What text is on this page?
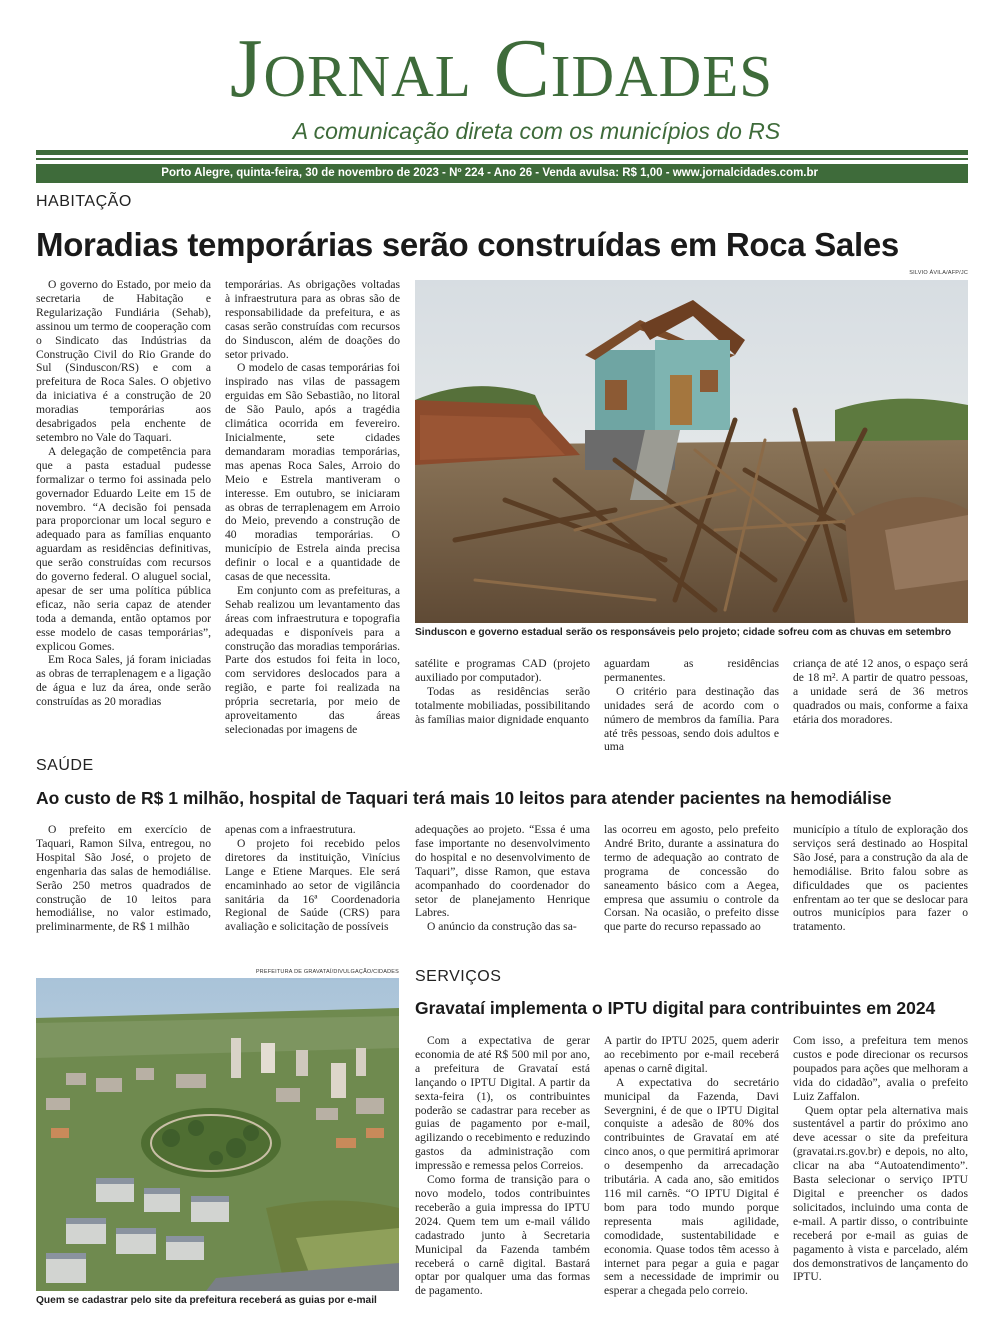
Jornal Cidades
A comunicação direta com os municípios do RS
Porto Alegre, quinta-feira, 30 de novembro de 2023 - Nº 224 - Ano 26 - Venda avulsa: R$ 1,00 - www.jornalcidades.com.br
HABITAÇÃO
Moradias temporárias serão construídas em Roca Sales

O governo do Estado, por meio da secretaria de Habitação e Regularização Fundiária (Sehab), assinou um termo de cooperação com o Sindicato das Indústrias da Construção Civil do Rio Grande do Sul (Sinduscon/RS) e com a prefeitura de Roca Sales. O objetivo da iniciativa é a construção de 20 moradias temporárias aos desabrigados pela enchente de setembro no Vale do Taquari.

A delegação de competência para que a pasta estadual pudesse formalizar o termo foi assinada pelo governador Eduardo Leite em 15 de novembro. “A decisão foi pensada para proporcionar um local seguro e adequado para as famílias enquanto aguardam as residências definitivas, que serão construídas com recursos do governo federal. O aluguel social, apesar de ser uma política pública eficaz, não seria capaz de atender toda a demanda, então optamos por esse modelo de casas temporárias”, explicou Gomes.

Em Roca Sales, já foram iniciadas as obras de terraplenagem e a ligação de água e luz da área, onde serão construídas as 20 moradias

temporárias. As obrigações voltadas à infraestrutura para as obras são de responsabilidade da prefeitura, e as casas serão construídas com recursos do Sinduscon, além de doações do setor privado.

O modelo de casas temporárias foi inspirado nas vilas de passagem erguidas em São Sebastião, no litoral de São Paulo, após a tragédia climática ocorrida em fevereiro. Inicialmente, sete cidades demandaram moradias temporárias, mas apenas Roca Sales, Arroio do Meio e Estrela mantiveram o interesse. Em outubro, se iniciaram as obras de terraplenagem em Arroio do Meio, prevendo a construção de 40 moradias temporárias. O município de Estrela ainda precisa definir o local e a quantidade de casas de que necessita.

Em conjunto com as prefeituras, a Sehab realizou um levantamento das áreas com infraestrutura e topografia adequadas e disponíveis para a construção das moradias temporárias. Parte dos estudos foi feita in loco, com servidores deslocados para a região, e parte foi realizada na própria secretaria, por meio de aproveitamento das áreas selecionadas por imagens de

SILVIO ÁVILA/AFP/JC
Sinduscon e governo estadual serão os responsáveis pelo projeto; cidade sofreu com as chuvas em setembro

satélite e programas CAD (projeto auxiliado por computador).

Todas as residências serão totalmente mobiliadas, possibilitando às famílias maior dignidade enquanto

aguardam as residências permanentes.

O critério para destinação das unidades será de acordo com o número de membros da família. Para até três pessoas, sendo dois adultos e uma

criança de até 12 anos, o espaço será de 18 m². A partir de quatro pessoas, a unidade será de 36 metros quadrados ou mais, conforme a faixa etária dos moradores.

SAÚDE
Ao custo de R$ 1 milhão, hospital de Taquari terá mais 10 leitos para atender pacientes na hemodiálise

O prefeito em exercício de Taquari, Ramon Silva, entregou, no Hospital São José, o projeto de engenharia das salas de hemodiálise. Serão 250 metros quadrados de construção de 10 leitos para hemodiálise, no valor estimado, preliminarmente, de R$ 1 milhão

apenas com a infraestrutura.

O projeto foi recebido pelos diretores da instituição, Vinícius Lange e Etiene Marques. Ele será encaminhado ao setor de vigilância sanitária da 16ª Coordenadoria Regional de Saúde (CRS) para avaliação e solicitação de possíveis

adequações ao projeto. “Essa é uma fase importante no desenvolvimento do hospital e no desenvolvimento de Taquari”, disse Ramon, que estava acompanhado do coordenador do setor de planejamento Henrique Labres.

O anúncio da construção das sa-

las ocorreu em agosto, pelo prefeito André Brito, durante a assinatura do termo de adequação ao contrato de programa de concessão do saneamento básico com a Aegea, empresa que assumiu o controle da Corsan. Na ocasião, o prefeito disse que parte do recurso repassado ao

município a título de exploração dos serviços será destinado ao Hospital São José, para a construção da ala de hemodiálise. Brito falou sobre as dificuldades que os pacientes enfrentam ao ter que se deslocar para outros municípios para fazer o tratamento.

PREFEITURA DE GRAVATAÍ/DIVULGAÇÃO/CIDADES
Quem se cadastrar pelo site da prefeitura receberá as guias por e-mail
SERVIÇOS
Gravataí implementa o IPTU digital para contribuintes em 2024

Com a expectativa de gerar economia de até R$ 500 mil por ano, a prefeitura de Gravataí está lançando o IPTU Digital. A partir da sexta-feira (1), os contribuintes poderão se cadastrar para receber as guias de pagamento por e-mail, agilizando o recebimento e reduzindo gastos da administração com impressão e remessa pelos Correios.

Como forma de transição para o novo modelo, todos contribuintes receberão a guia impressa do IPTU 2024. Quem tem um e-mail válido cadastrado junto à Secretaria Municipal da Fazenda também receberá o carnê digital. Bastará optar por qualquer uma das formas de pagamento.

A partir do IPTU 2025, quem aderir ao recebimento por e-mail receberá apenas o carnê digital.

A expectativa do secretário municipal da Fazenda, Davi Severgnini, é de que o IPTU Digital conquiste a adesão de 80% dos contribuintes de Gravataí em até cinco anos, o que permitirá aprimorar o desempenho da arrecadação tributária. A cada ano, são emitidos 116 mil carnês. “O IPTU Digital é bom para todo mundo porque representa mais agilidade, comodidade, sustentabilidade e economia. Quase todos têm acesso à internet para pegar a guia e pagar sem a necessidade de imprimir ou esperar a chegada pelo correio.

Com isso, a prefeitura tem menos custos e pode direcionar os recursos poupados para ações que melhoram a vida do cidadão”, avalia o prefeito Luiz Zaffalon.

Quem optar pela alternativa mais sustentável a partir do próximo ano deve acessar o site da prefeitura (gravatai.rs.gov.br) e depois, no alto, clicar na aba “Autoatendimento”. Basta selecionar o serviço IPTU Digital e preencher os dados solicitados, incluindo uma conta de e-mail. A partir disso, o contribuinte receberá por e-mail as guias de pagamento à vista e parcelado, além dos demonstrativos de lançamento do IPTU.
